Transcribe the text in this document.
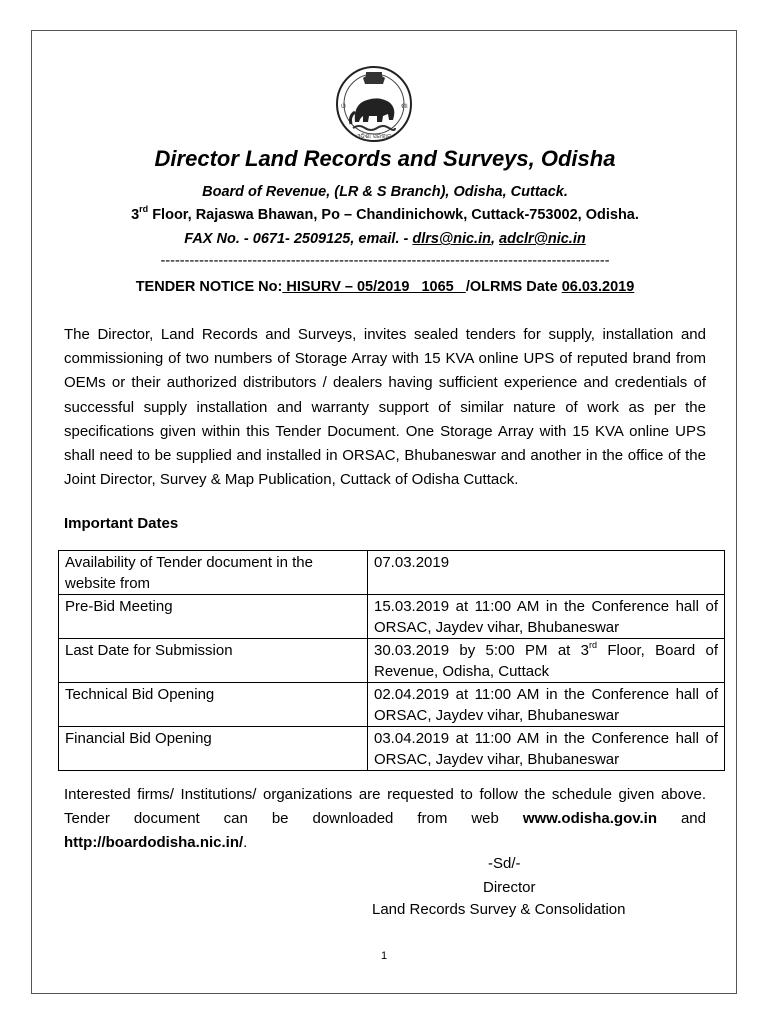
ଓ	ଶା
ଓଡ଼ିଶା ସରକାର
Director Land Records and Surveys, Odisha
Board of Revenue, (LR & S Branch), Odisha, Cuttack.
3rd Floor, Rajaswa Bhawan, Po – Chandinichowk, Cuttack-753002, Odisha.
FAX No. - 0671- 2509125, email. - dlrs@nic.in, adclr@nic.in
---------------------------------------------------------------------------------------------
TENDER NOTICE No: HISURV – 05/2019   1065   /OLRMS Date 06.03.2019
The Director, Land Records and Surveys, invites sealed tenders for supply, installation and commissioning of two numbers of Storage Array with 15 KVA online UPS of reputed brand from OEMs or their authorized distributors / dealers having sufficient experience and credentials of successful supply installation and warranty support of similar nature of work as per the specifications given within this Tender Document. One Storage Array with 15 KVA online UPS shall need to be supplied and installed in ORSAC, Bhubaneswar and another in the office of the Joint Director, Survey & Map Publication, Cuttack of Odisha Cuttack.
Important Dates
Availability of Tender document in the website from	07.03.2019
Pre-Bid Meeting	15.03.2019 at 11:00 AM in the Conference hall of ORSAC, Jaydev vihar, Bhubaneswar
Last Date for Submission	30.03.2019 by 5:00 PM at 3rd Floor, Board of Revenue, Odisha, Cuttack
Technical Bid Opening	02.04.2019 at 11:00 AM in the Conference hall of ORSAC, Jaydev vihar, Bhubaneswar
Financial Bid Opening	03.04.2019 at 11:00 AM in the Conference hall of ORSAC, Jaydev vihar, Bhubaneswar
Interested firms/ Institutions/ organizations are requested to follow the schedule given above. Tender document can be downloaded from web www.odisha.gov.in and http://boardodisha.nic.in/.
-Sd/-
Director
Land Records Survey & Consolidation
1
